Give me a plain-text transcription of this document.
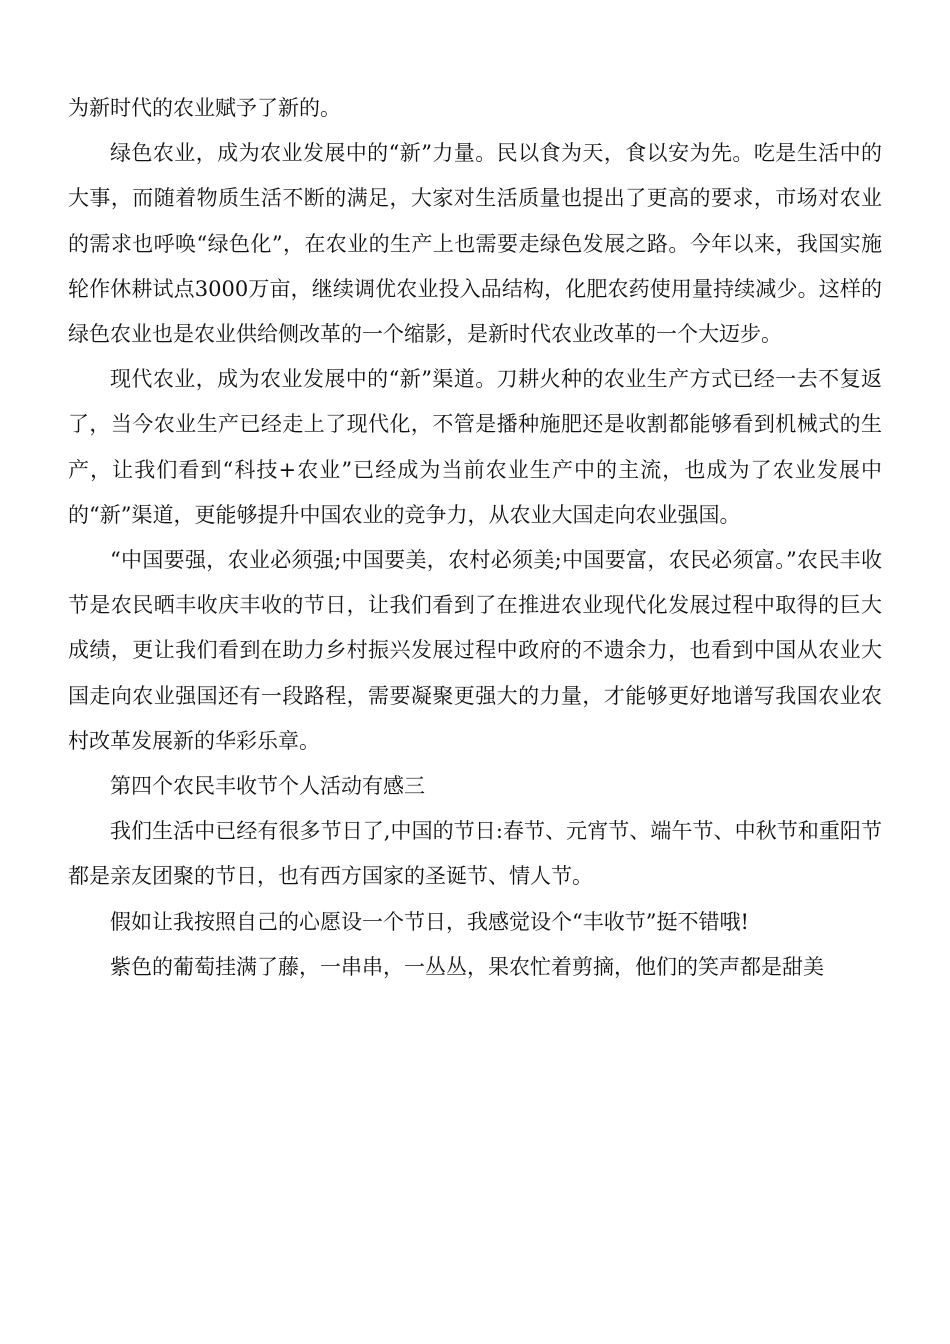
为新时代的农业赋予了新的。

绿色农业，成为农业发展中的“新”力量。民以食为天，食以安为先。吃是生活中的大事，而随着物质生活不断的满足，大家对生活质量也提出了更高的要求，市场对农业的需求也呼唤“绿色化”，在农业的生产上也需要走绿色发展之路。今年以来，我国实施轮作休耕试点3000万亩，继续调优农业投入品结构，化肥农药使用量持续减少。这样的绿色农业也是农业供给侧改革的一个缩影，是新时代农业改革的一个大迈步。

现代农业，成为农业发展中的“新”渠道。刀耕火种的农业生产方式已经一去不复返了，当今农业生产已经走上了现代化，不管是播种施肥还是收割都能够看到机械式的生产，让我们看到“科技+农业”已经成为当前农业生产中的主流，也成为了农业发展中的“新”渠道，更能够提升中国农业的竞争力，从农业大国走向农业强国。

“中国要强，农业必须强;中国要美，农村必须美;中国要富，农民必须富。”农民丰收节是农民晒丰收庆丰收的节日，让我们看到了在推进农业现代化发展过程中取得的巨大成绩，更让我们看到在助力乡村振兴发展过程中政府的不遗余力，也看到中国从农业大国走向农业强国还有一段路程，需要凝聚更强大的力量，才能够更好地谱写我国农业农村改革发展新的华彩乐章。

第四个农民丰收节个人活动有感三

我们生活中已经有很多节日了,中国的节日:春节、元宵节、端午节、中秋节和重阳节都是亲友团聚的节日，也有西方国家的圣诞节、情人节。

假如让我按照自己的心愿设一个节日，我感觉设个“丰收节”挺不错哦!

紫色的葡萄挂满了藤，一串串，一丛丛，果农忙着剪摘，他们的笑声都是甜美
